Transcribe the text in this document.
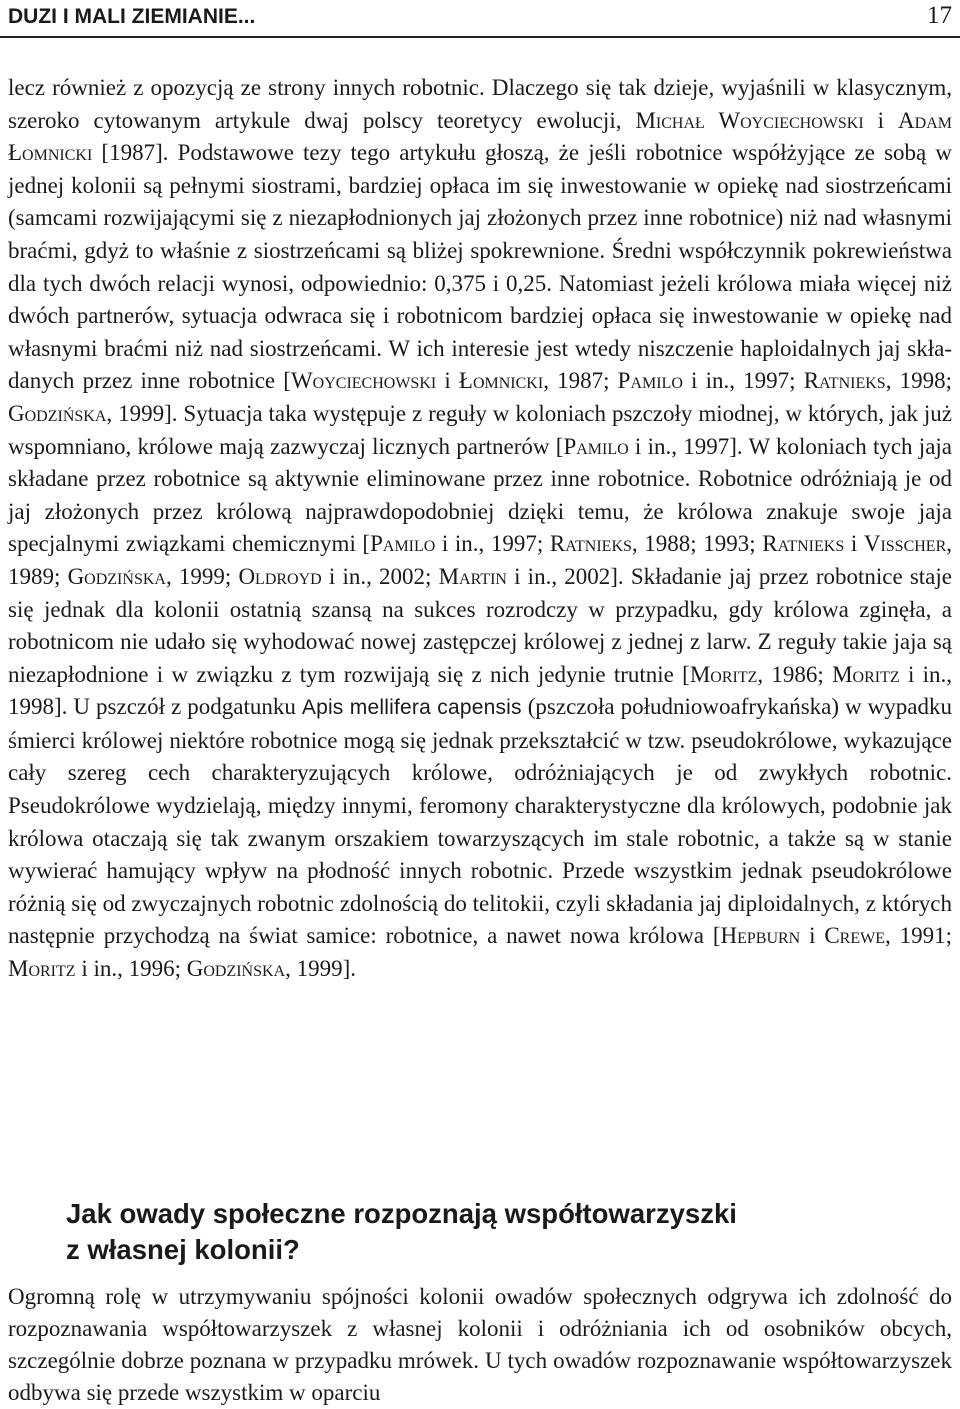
DUZI I MALI ZIEMIANIE...	17

lecz również z opozycją ze strony innych robotnic. Dlaczego się tak dzieje, wyjaśnili w klasycznym, szeroko cytowanym artykule dwaj polscy teoretycy ewolucji, Michał Woyciechowski i Adam Łomnicki [1987]. Podstawowe tezy tego artykułu głoszą, że jeśli robotnice współżyjące ze sobą w jednej kolonii są pełnymi siostrami, bardziej opłaca im się inwestowanie w opiekę nad siostrzeńcami (samcami rozwijającymi się z niezapłodnionych jaj złożonych przez inne robotnice) niż nad własnymi braćmi, gdyż to właśnie z siostrzeńcami są bliżej spokrewnione. Średni współczynnik pokrewieństwa dla tych dwóch relacji wynosi, odpowiednio: 0,375 i 0,25. Natomiast jeżeli królowa miała więcej niż dwóch partnerów, sytuacja odwraca się i robotnicom bardziej opłaca się inwestowanie w opiekę nad własnymi braćmi niż nad siostrzeńcami. W ich interesie jest wtedy niszczenie haploidalnych jaj składanych przez inne robotnice [Woyciechowski i Łomnicki, 1987; Pamilo i in., 1997; Ratnieks, 1998; Godzińska, 1999]. Sytuacja taka występuje z reguły w koloniach pszczoły miodnej, w których, jak już wspomniano, królowe mają zazwyczaj licznych partnerów [Pamilo i in., 1997]. W koloniach tych jaja składane przez robotnice są aktywnie eliminowane przez inne robotnice. Robotnice odróżniają je od jaj złożonych przez królową najprawdopodobniej dzięki temu, że królowa znakuje swoje jaja specjalnymi związkami chemicznymi [Pamilo i in., 1997; Ratnieks, 1988; 1993; Ratnieks i Visscher, 1989; Godzińska, 1999; Oldroyd i in., 2002; Martin i in., 2002]. Składanie jaj przez robotnice staje się jednak dla kolonii ostatnią szansą na sukces rozrodczy w przypadku, gdy królowa zginęła, a robotnicom nie udało się wyhodować nowej zastępczej królowej z jednej z larw. Z reguły takie jaja są niezapłodnione i w związku z tym rozwijają się z nich jedynie trutnie [Moritz, 1986; Moritz i in., 1998]. U pszczół z podgatunku Apis mellifera capensis (pszczoła południowoafrykańska) w wypadku śmierci królowej niektóre robotnice mogą się jednak przekształcić w tzw. pseudokrólowe, wykazujące cały szereg cech charakteryzujących królowe, odróżniających je od zwykłych robotnic. Pseudokrólowe wydzielają, między innymi, feromony charakterystyczne dla królowych, podobnie jak królowa otaczają się tak zwanym orszakiem towarzyszących im stale robotnic, a także są w stanie wywierać hamujący wpływ na płodność innych robotnic. Przede wszystkim jednak pseudokrólowe różnią się od zwyczajnych robotnic zdolnością do telitokii, czyli składania jaj diploidalnych, z których następnie przychodzą na świat samice: robotnice, a nawet nowa królowa [Hepburn i Crewe, 1991; Moritz i in., 1996; Godzińska, 1999].

Jak owady społeczne rozpoznają współtowarzyszki
z własnej kolonii?

Ogromną rolę w utrzymywaniu spójności kolonii owadów społecznych odgrywa ich zdolność do rozpoznawania współtowarzyszek z własnej kolonii i odróżniania ich od osobników obcych, szczególnie dobrze poznana w przypadku mrówek. U tych owadów rozpoznawanie współtowarzyszek odbywa się przede wszystkim w oparciu
